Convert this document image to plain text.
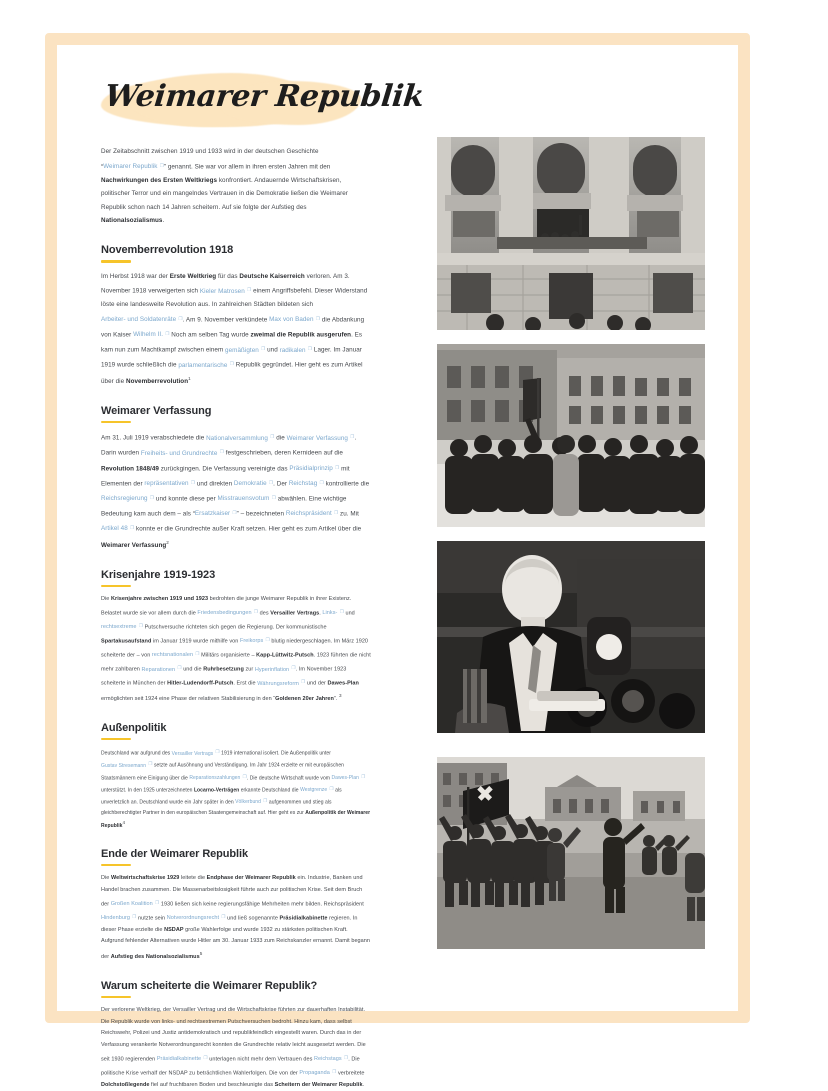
Weimarer Republik

Der Zeitabschnitt zwischen 1919 und 1933 wird in der deutschen Geschichte “Weimarer Republik ❐” genannt. Sie war vor allem in ihren ersten Jahren mit den Nachwirkungen des Ersten Weltkriegs konfrontiert. Andauernde Wirtschaftskrisen, politischer Terror und ein mangelndes Vertrauen in die Demokratie ließen die Weimarer Republik schon nach 14 Jahren scheitern. Auf sie folgte der Aufstieg des Nationalsozialismus.

Novemberrevolution 1918

Im Herbst 1918 war der Erste Weltkrieg für das Deutsche Kaiserreich verloren. Am 3. November 1918 verweigerten sich Kieler Matrosen ❐ einem Angriffsbefehl. Dieser Widerstand löste eine landesweite Revolution aus. In zahlreichen Städten bildeten sich Arbeiter- und Soldatenräte ❐. Am 9. November verkündete Max von Baden ❐ die Abdankung von Kaiser Wilhelm II. ❐ Noch am selben Tag wurde zweimal die Republik ausgerufen. Es kam nun zum Machtkampf zwischen einem gemäßigten ❐ und radikalen ❐ Lager. Im Januar 1919 wurde schließlich die parlamentarische ❐ Republik gegründet. Hier geht es zum Artikel über die Novemberrevolution$^1$

Weimarer Verfassung

Am 31. Juli 1919 verabschiedete die Nationalversammlung ❐ die Weimarer Verfassung ❐. Darin wurden Freiheits- und Grundrechte ❐ festgeschrieben, deren Kernideen auf die Revolution 1848/49 zurückgingen. Die Verfassung vereinigte das Präsidialprinzip ❐ mit Elementen der repräsentativen ❐ und direkten Demokratie ❐. Der Reichstag ❐ kontrollierte die Reichsregierung ❐ und konnte diese per Misstrauensvotum ❐ abwählen. Eine wichtige Bedeutung kam auch dem – als “Ersatzkaiser ❐” – bezeichneten Reichspräsident ❐ zu. Mit Artikel 48 ❐ konnte er die Grundrechte außer Kraft setzen. Hier geht es zum Artikel über die Weimarer Verfassung$^2$

Krisenjahre 1919-1923

Die Krisenjahre zwischen 1919 und 1923 bedrohten die junge Weimarer Republik in ihrer Existenz. Belastet wurde sie vor allem durch die Friedensbedingungen ❐ des Versailler Vertrags. Links- ❐ und rechtsextreme ❐ Putschversuche richteten sich gegen die Regierung. Der kommunistische Spartakusaufstand im Januar 1919 wurde mithilfe von Freikorps ❐ blutig niedergeschlagen. Im März 1920 scheiterte der – von rechtsnationalen ❐ Militärs organisierte – Kapp-Lüttwitz-Putsch. 1923 führten die nicht mehr zahlbaren Reparationen ❐ und die Ruhrbesetzung zur Hyperinflation ❐. Im November 1923 scheiterte in München der Hitler-Ludendorff-Putsch. Erst die Währungsreform ❐ und der Dawes-Plan ermöglichten seit 1924 eine Phase der relativen Stabilisierung in den “Goldenen 20er Jahren”. $^3$

Außenpolitik

Deutschland war aufgrund des Versailler Vertrags ❐ 1919 international isoliert. Die Außenpolitik unter Gustav Stresemann ❐ setzte auf Ausöhnung und Verständigung. Im Jahr 1924 erzielte er mit europäischen Staatsmännern eine Einigung über die Reparationszahlungen ❐. Die deutsche Wirtschaft wurde vom Dawes-Plan ❐ unterstützt. In den 1925 unterzeichneten Locarno-Verträgen erkannte Deutschland die Westgrenze ❐ als unverletzlich an. Deutschland wurde ein Jahr später in den Völkerbund ❐ aufgenommen und stieg als gleichberechtigter Partner in den europäischen Staatengemeinschaft auf. Hier geht es zur Außenpolitik der Weimarer Republik$^4$

Ende der Weimarer Republik

Die Weltwirtschaftskrise 1929 leitete die Endphase der Weimarer Republik ein. Industrie, Banken und Handel brachen zusammen. Die Massenarbeitslosigkeit führte auch zur politischen Krise. Seit dem Bruch der Großen Koalition ❐ 1930 ließen sich keine regierungsfähige Mehrheiten mehr bilden. Reichspräsident Hindenburg ❐ nutzte sein Notverordnungsrecht ❐ und ließ sogenannte Präsidialkabinette regieren. In dieser Phase erzielte die NSDAP große Wahlerfolge und wurde 1932 zu stärksten politischen Kraft. Aufgrund fehlender Alternativen wurde Hitler am 30. Januar 1933 zum Reichskanzler ernannt. Damit begann der Aufstieg des Nationalsozialismus$^5$

Warum scheiterte die Weimarer Republik?

Der verlorene Weltkrieg, der Versailler Vertrag und die Wirtschaftskrise führten zur dauerhaften Instabilität. Die Republik wurde von links- und rechtsextremen Putschversuchen bedroht. Hinzu kam, dass selbst Reichswehr, Polizei und Justiz antidemokratisch und republikfeindlich eingestellt waren. Durch das in der Verfassung verankerte Notverordnungsrecht konnten die Grundrechte relativ leicht ausgesetzt werden. Die seit 1930 regierenden Präsidialkabinette ❐ unterlagen nicht mehr dem Vertrauen des Reichstags ❐. Die politische Krise verhalf der NSDAP zu beträchtlichen Wahlerfolgen. Die von der Propaganda ❐ verbreitete Dolchstoßlegende fiel auf fruchtbaren Boden und beschleunigte das Scheitern der Weimarer Republik.
